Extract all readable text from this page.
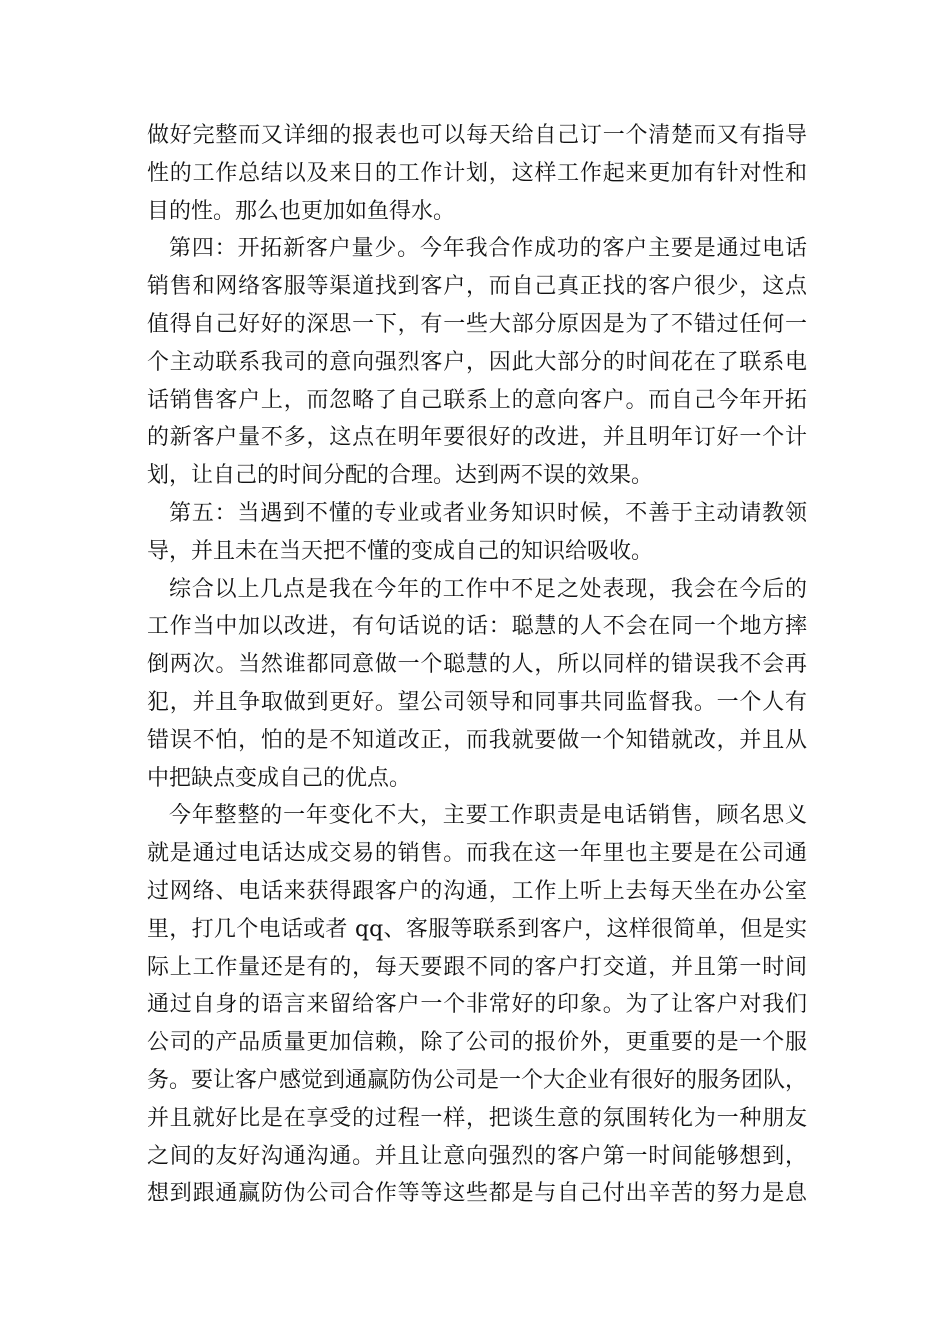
做好完整而又详细的报表也可以每天给自己订一个清楚而又有指导
性的工作总结以及来日的工作计划，这样工作起来更加有针对性和
目的性。那么也更加如鱼得水。
第四：开拓新客户量少。今年我合作成功的客户主要是通过电话
销售和网络客服等渠道找到客户，而自己真正找的客户很少，这点
值得自己好好的深思一下，有一些大部分原因是为了不错过任何一
个主动联系我司的意向强烈客户，因此大部分的时间花在了联系电
话销售客户上，而忽略了自己联系上的意向客户。而自己今年开拓
的新客户量不多，这点在明年要很好的改进，并且明年订好一个计
划，让自己的时间分配的合理。达到两不误的效果。
第五：当遇到不懂的专业或者业务知识时候，不善于主动请教领
导，并且未在当天把不懂的变成自己的知识给吸收。
综合以上几点是我在今年的工作中不足之处表现，我会在今后的
工作当中加以改进，有句话说的话：聪慧的人不会在同一个地方摔
倒两次。当然谁都同意做一个聪慧的人，所以同样的错误我不会再
犯，并且争取做到更好。望公司领导和同事共同监督我。一个人有
错误不怕，怕的是不知道改正，而我就要做一个知错就改，并且从
中把缺点变成自己的优点。
今年整整的一年变化不大，主要工作职责是电话销售，顾名思义
就是通过电话达成交易的销售。而我在这一年里也主要是在公司通
过网络、电话来获得跟客户的沟通，工作上听上去每天坐在办公室
里，打几个电话或者 qq、客服等联系到客户，这样很简单，但是实
际上工作量还是有的，每天要跟不同的客户打交道，并且第一时间
通过自身的语言来留给客户一个非常好的印象。为了让客户对我们
公司的产品质量更加信赖，除了公司的报价外，更重要的是一个服
务。要让客户感觉到通赢防伪公司是一个大企业有很好的服务团队，
并且就好比是在享受的过程一样，把谈生意的氛围转化为一种朋友
之间的友好沟通沟通。并且让意向强烈的客户第一时间能够想到，
想到跟通赢防伪公司合作等等这些都是与自己付出辛苦的努力是息
